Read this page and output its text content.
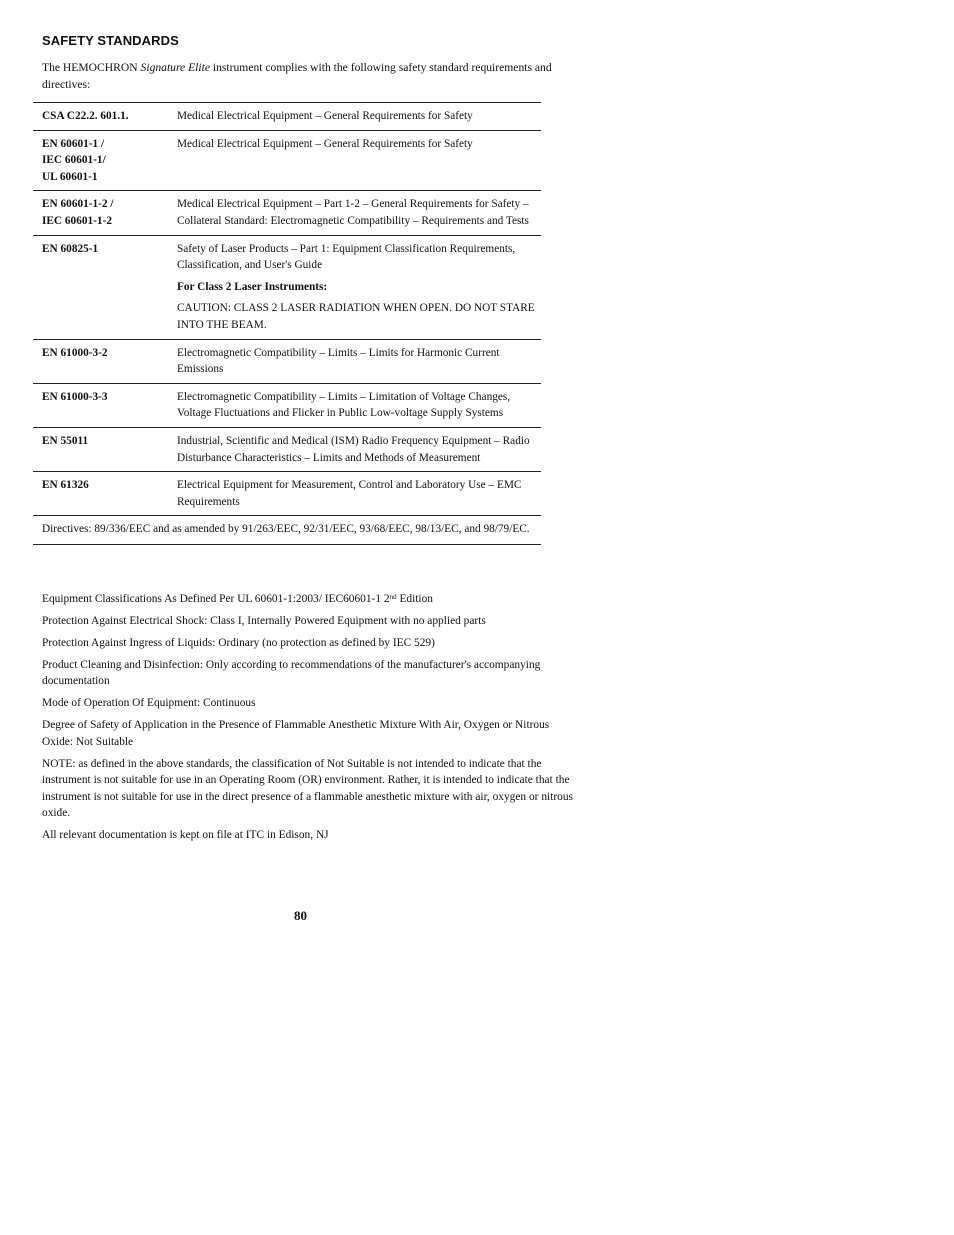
SAFETY STANDARDS

The HEMOCHRON Signature Elite instrument complies with the following safety standard requirements and directives:

CSA C22.2. 601.1.	Medical Electrical Equipment – General Requirements for Safety

EN 60601-1 /
IEC 60601-1/
UL 60601-1	Medical Electrical Equipment – General Requirements for Safety

EN 60601-1-2 /
IEC 60601-1-2	Medical Electrical Equipment – Part 1-2 – General Requirements for Safety – Collateral Standard: Electromagnetic Compatibility – Requirements and Tests

EN 60825-1	Safety of Laser Products – Part 1: Equipment Classification Requirements, Classification, and User's Guide

For Class 2 Laser Instruments:

CAUTION: CLASS 2 LASER RADIATION WHEN OPEN. DO NOT STARE INTO THE BEAM.

EN 61000-3-2	Electromagnetic Compatibility – Limits – Limits for Harmonic Current Emissions

EN 61000-3-3	Electromagnetic Compatibility – Limits – Limitation of Voltage Changes, Voltage Fluctuations and Flicker in Public Low-voltage Supply Systems

EN 55011	Industrial, Scientific and Medical (ISM) Radio Frequency Equipment – Radio Disturbance Characteristics – Limits and Methods of Measurement

EN 61326	Electrical Equipment for Measurement, Control and Laboratory Use – EMC Requirements

Directives: 89/336/EEC and as amended by 91/263/EEC, 92/31/EEC, 93/68/EEC, 98/13/EC, and 98/79/EC.	

Equipment Classifications As Defined Per UL 60601-1:2003/ IEC60601-1 2nd Edition

Protection Against Electrical Shock: Class I, Internally Powered Equipment with no applied parts

Protection Against Ingress of Liquids: Ordinary (no protection as defined by IEC 529)

Product Cleaning and Disinfection: Only according to recommendations of the manufacturer's accompanying documentation

Mode of Operation Of Equipment: Continuous

Degree of Safety of Application in the Presence of Flammable Anesthetic Mixture With Air, Oxygen or Nitrous Oxide: Not Suitable

NOTE: as defined in the above standards, the classification of Not Suitable is not intended to indicate that the instrument is not suitable for use in an Operating Room (OR) environment. Rather, it is intended to indicate that the instrument is not suitable for use in the direct presence of a flammable anesthetic mixture with air, oxygen or nitrous oxide.

All relevant documentation is kept on file at ITC in Edison, NJ

80
